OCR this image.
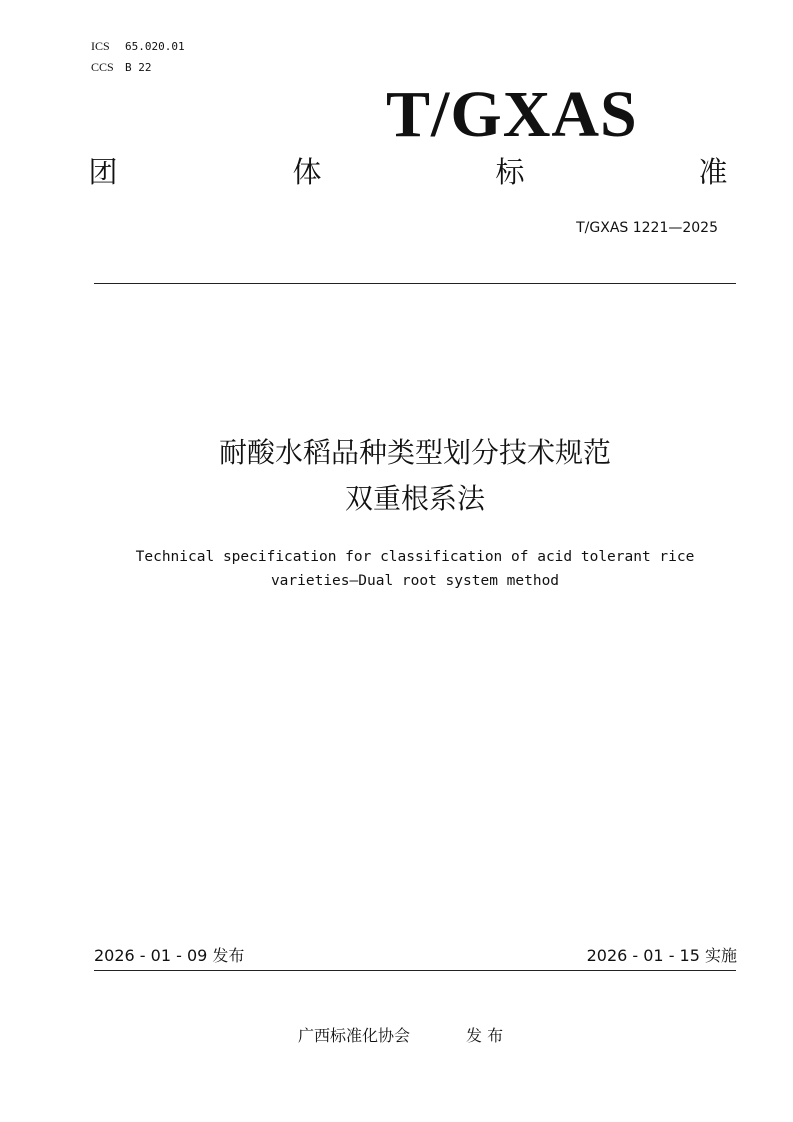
ICS 65.020.01
CCS B 22
T/GXAS
团	体	标	准
T/GXAS 1221—2025
耐酸水稻品种类型划分技术规范
双重根系法
Technical specification for classification of acid tolerant rice
varieties—Dual root system method
2026 - 01 - 09 发布	2026 - 01 - 15 实施
广西标准化协会	发 布
